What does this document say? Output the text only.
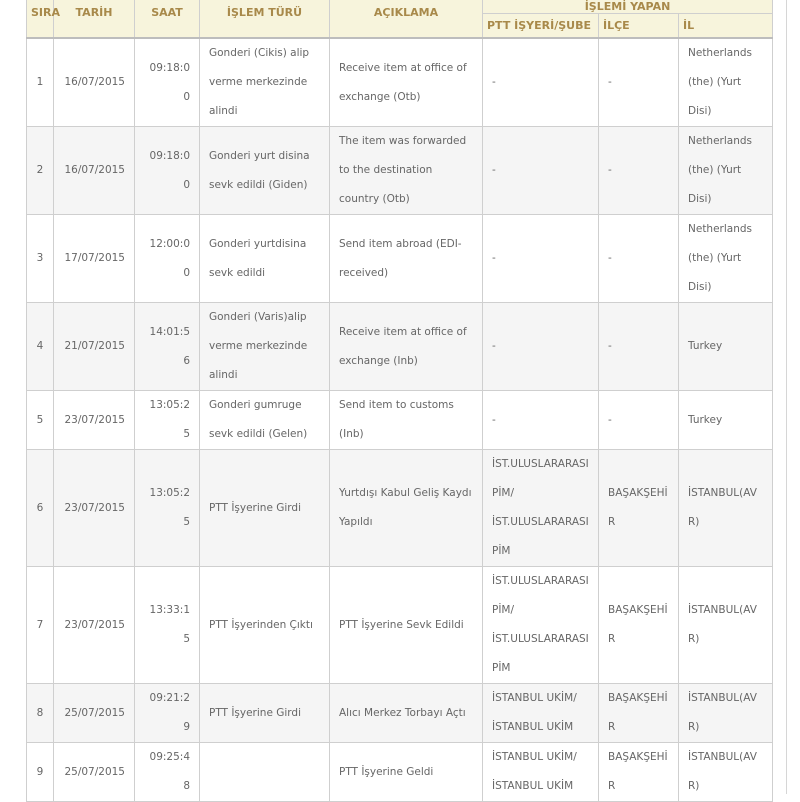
SIRA	TARİH	SAAT	İŞLEM TÜRÜ	AÇIKLAMA	İŞLEMİ YAPAN		
					PTT İŞYERİ/ŞUBE	İLÇE	İL
1	16/07/2015	09:18:00	Gonderi (Cikis) alip verme merkezinde alindi	Receive item at office of exchange (Otb)	-	-	Netherlands (the) (Yurt Disi)
2	16/07/2015	09:18:00	Gonderi yurt disina sevk edildi (Giden)	The item was forwarded to the destination country (Otb)	-	-	Netherlands (the) (Yurt Disi)
3	17/07/2015	12:00:00	Gonderi yurtdisina sevk edildi	Send item abroad (EDI-received)	-	-	Netherlands (the) (Yurt Disi)
4	21/07/2015	14:01:56	Gonderi (Varis)alip verme merkezinde alindi	Receive item at office of exchange (Inb)	-	-	Turkey
5	23/07/2015	13:05:25	Gonderi gumruge sevk edildi (Gelen)	Send item to customs (Inb)	-	-	Turkey
6	23/07/2015	13:05:25	PTT İşyerine Girdi	Yurtdışı Kabul Geliş Kaydı Yapıldı	İST.ULUSLARARASI PİM/ İST.ULUSLARARASI PİM	BAŞAKŞEHİR	İSTANBUL(AVR)
7	23/07/2015	13:33:15	PTT İşyerinden Çıktı	PTT İşyerine Sevk Edildi	İST.ULUSLARARASI PİM/ İST.ULUSLARARASI PİM	BAŞAKŞEHİR	İSTANBUL(AVR)
8	25/07/2015	09:21:29	PTT İşyerine Girdi	Alıcı Merkez Torbayı Açtı	İSTANBUL UKİM/ İSTANBUL UKİM	BAŞAKŞEHİR	İSTANBUL(AVR)
9	25/07/2015	09:25:48		PTT İşyerine Geldi	İSTANBUL UKİM/ İSTANBUL UKİM	BAŞAKŞEHİR	İSTANBUL(AVR)
